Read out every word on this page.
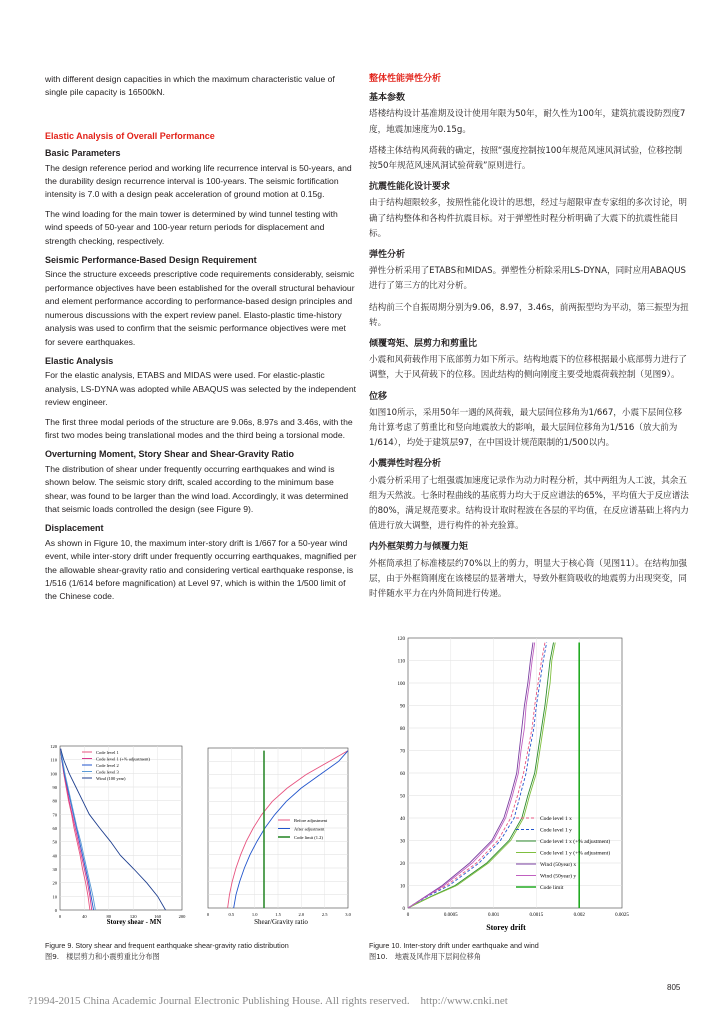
with different design capacities in which the maximum characteristic value of single pile capacity is 16500kN.

Elastic Analysis of Overall Performance
Basic Parameters

The design reference period and working life recurrence interval is 50-years, and the durability design recurrence interval is 100-years. The seismic fortification intensity is 7.0 with a design peak acceleration of ground motion at 0.15g.

The wind loading for the main tower is determined by wind tunnel testing with wind speeds of 50-year and 100-year return periods for displacement and strength checking, respectively.

Seismic Performance-Based Design Requirement

Since the structure exceeds prescriptive code requirements considerably, seismic performance objectives have been established for the overall structural behaviour and element performance according to performance-based design principles and numerous discussions with the expert review panel. Elasto-plastic time-history analysis was used to confirm that the seismic performance objectives were met for severe earthquakes.

Elastic Analysis

For the elastic analysis, ETABS and MIDAS were used. For elastic-plastic analysis, LS-DYNA was adopted while ABAQUS was selected by the independent review engineer.

The first three modal periods of the structure are 9.06s, 8.97s and 3.46s, with the first two modes being translational modes and the third being a torsional mode.

Overturning Moment, Story Shear and Shear-Gravity Ratio

The distribution of shear under frequently occurring earthquakes and wind is shown below. The seismic story drift, scaled according to the minimum base shear, was found to be larger than the wind load. Accordingly, it was determined that seismic loads controlled the design (see Figure 9).

Displacement

As shown in Figure 10, the maximum inter-story drift is 1/667 for a 50-year wind event, while inter-story drift under frequently occurring earthquakes, magnified per the allowable shear-gravity ratio and considering vertical earthquake response, is 1/516 (1/614 before magnification) at Level 97, which is within the 1/500 limit of the Chinese code.

整体性能弹性分析
基本参数

塔楼结构设计基准期及设计使用年限为50年，耐久性为100年，建筑抗震设防烈度7度，地震加速度为0.15g。

塔楼主体结构风荷载的确定，按照“强度控制按100年规范风速风洞试验，位移控制按50年规范风速风洞试验荷载”原则进行。

抗震性能化设计要求

由于结构超限较多，按照性能化设计的思想，经过与超限审查专家组的多次讨论，明确了结构整体和各构件抗震目标。对于弹塑性时程分析明确了大震下的抗震性能目标。

弹性分析

弹性分析采用了ETABS和MIDAS。弹塑性分析除采用LS-DYNA，同时应用ABAQUS进行了第三方的比对分析。

结构前三个自振周期分别为9.06，8.97，3.46s，前两振型均为平动，第三振型为扭转。

倾覆弯矩、层剪力和剪重比

小震和风荷载作用下底部剪力如下所示。结构地震下的位移根据最小底部剪力进行了调整，大于风荷载下的位移。因此结构的侧向刚度主要受地震荷载控制（见图9）。

位移

如图10所示，采用50年一遇的风荷载，最大层间位移角为1/667，小震下层间位移角计算考虑了剪重比和竖向地震放大的影响，最大层间位移角为1/516（放大前为1/614），均处于建筑层97，在中国设计规范限制的1/500以内。

小震弹性时程分析

小震分析采用了七组强震加速度记录作为动力时程分析，其中两组为人工波，其余五组为天然波。七条时程曲线的基底剪力均大于反应谱法的65%，平均值大于反应谱法的80%，满足规范要求。结构设计取时程波在各层的平均值，在反应谱基础上将内力值进行放大调整，进行构件的补充验算。

内外框架剪力与倾覆力矩

外框筒承担了标准楼层约70%以上的剪力，明显大于核心筒（见图11）。在结构加强层，由于外框筒刚度在该楼层的显著增大，导致外框筒吸收的地震剪力出现突变，同时伴随水平力在内外筒间进行传递。

0	40	80	120	160	200
0
10
20
30
40
50
60
70
80
90
100
110
120
Code level 1
Code level 1 (+% adjustment)
Code level 2
Code level 3
Wind (100 year)
Storey shear - MN
0	0.5	1.0	1.5	2.0	2.5	3.0
Before adjustment
After adjustment
Code limit (1.2)
Shear/Gravity ratio
Figure 9. Story shear and frequent earthquake shear-gravity ratio distribution
图9.　楼层剪力和小震剪重比分布图
0	0.0005	0.001	0.0015	0.002	0.0025
0
10
20
30
40
50
60
70
80
90
100
110
120
Code level 1 x
Code level 1 y
Code level 1 x (+% adjustment)
Code level 1 y (+% adjustment)
Wind (50year) x
Wind (50year) y
Code limit
Storey drift
Figure 10. Inter-story drift under earthquake and wind
图10.　地震及风作用下层间位移角
805
?1994-2015 China Academic Journal Electronic Publishing House. All rights reserved.　http://www.cnki.net
